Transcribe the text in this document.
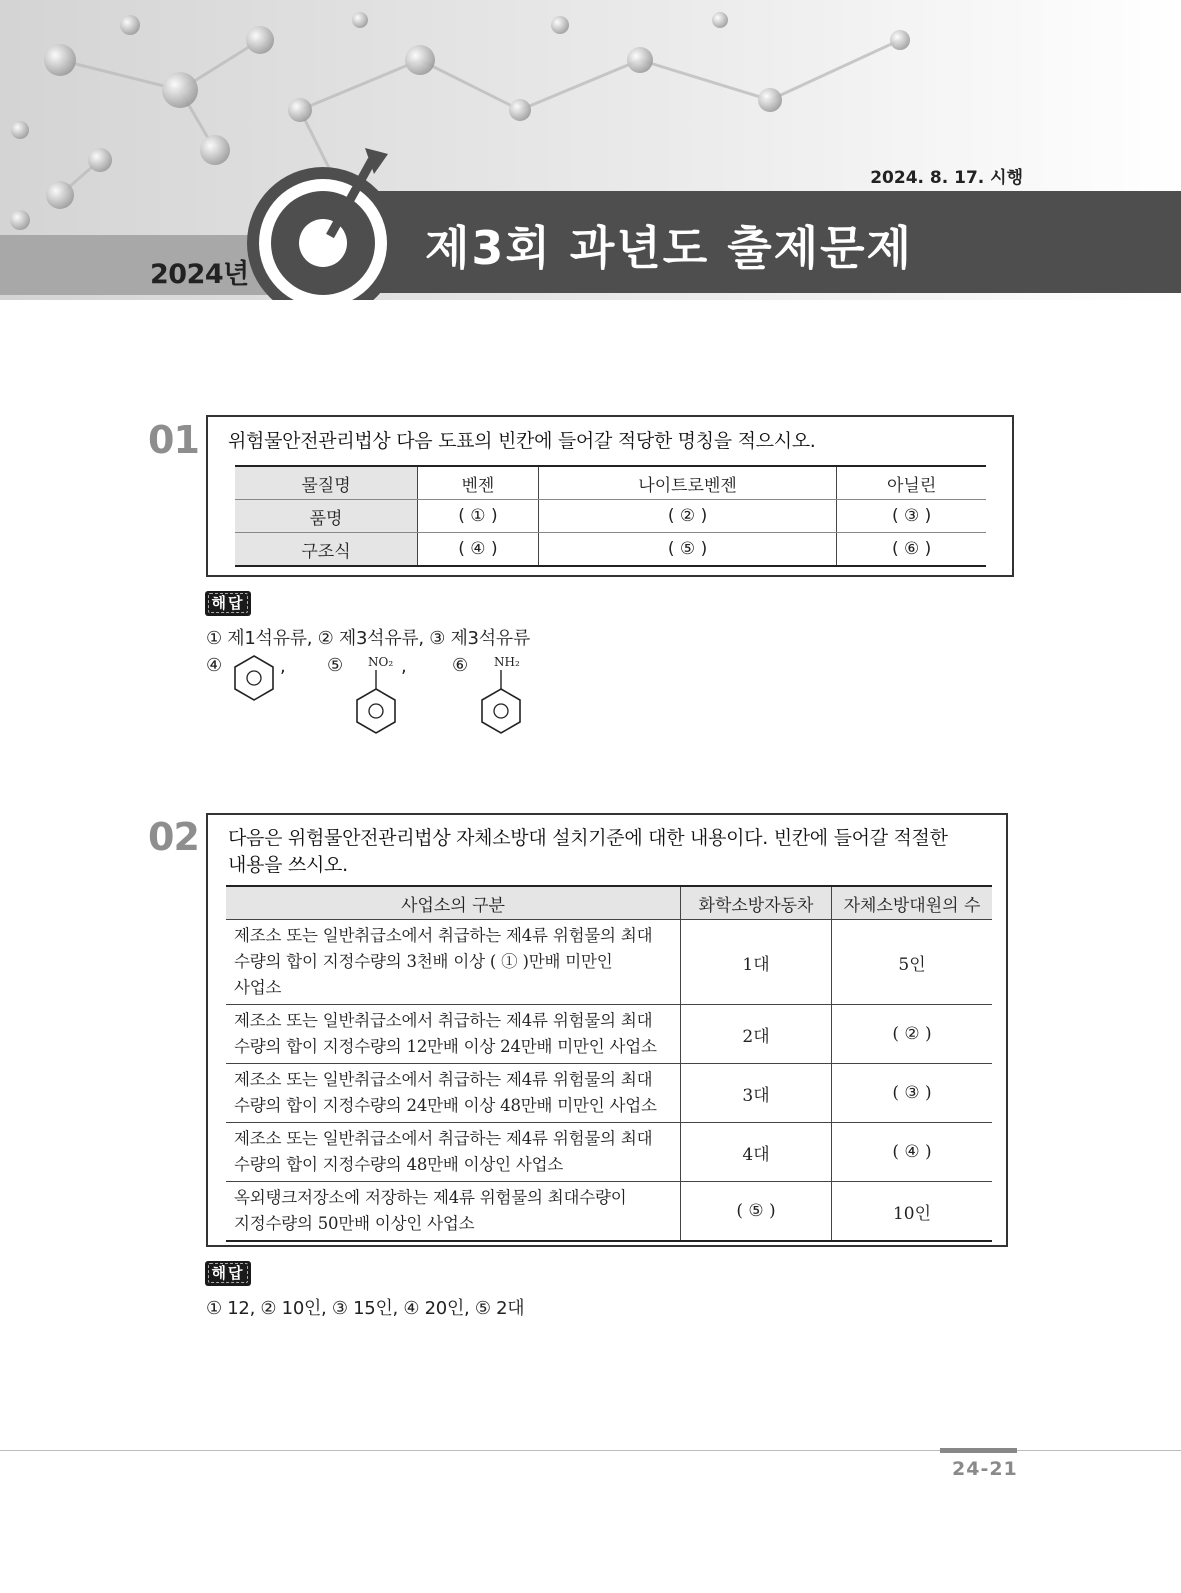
2024. 8. 17. 시행
2024년	제3회 과년도 출제문제
01 위험물안전관리법상 다음 도표의 빈칸에 들어갈 적당한 명칭을 적으시오.
물질명	벤젠	나이트로벤젠	아닐린
품명	( ① )	( ② )	( ③ )
구조식	( ④ )	( ⑤ )	( ⑥ )
해답
① 제1석유류, ② 제3석유류, ③ 제3석유류
④	, ⑤ NO₂ ,	⑥ NH₂
02 다음은 위험물안전관리법상 자체소방대 설치기준에 대한 내용이다. 빈칸에 들어갈 적절한
내용을 쓰시오.
사업소의 구분	화학소방자동차	자체소방대원의 수

제조소 또는 일반취급소에서 취급하는 제4류 위험물의 최대
수량의 합이 지정수량의 3천배 이상 ( ① )만배 미만인
사업소	1대	5인

제조소 또는 일반취급소에서 취급하는 제4류 위험물의 최대
수량의 합이 지정수량의 12만배 이상 24만배 미만인 사업소	2대	( ② )

제조소 또는 일반취급소에서 취급하는 제4류 위험물의 최대
수량의 합이 지정수량의 24만배 이상 48만배 미만인 사업소	3대	( ③ )

제조소 또는 일반취급소에서 취급하는 제4류 위험물의 최대
수량의 합이 지정수량의 48만배 이상인 사업소	4대	( ④ )

옥외탱크저장소에 저장하는 제4류 위험물의 최대수량이
지정수량의 50만배 이상인 사업소	( ⑤ )	10인
해답
① 12, ② 10인, ③ 15인, ④ 20인, ⑤ 2대
24-21
